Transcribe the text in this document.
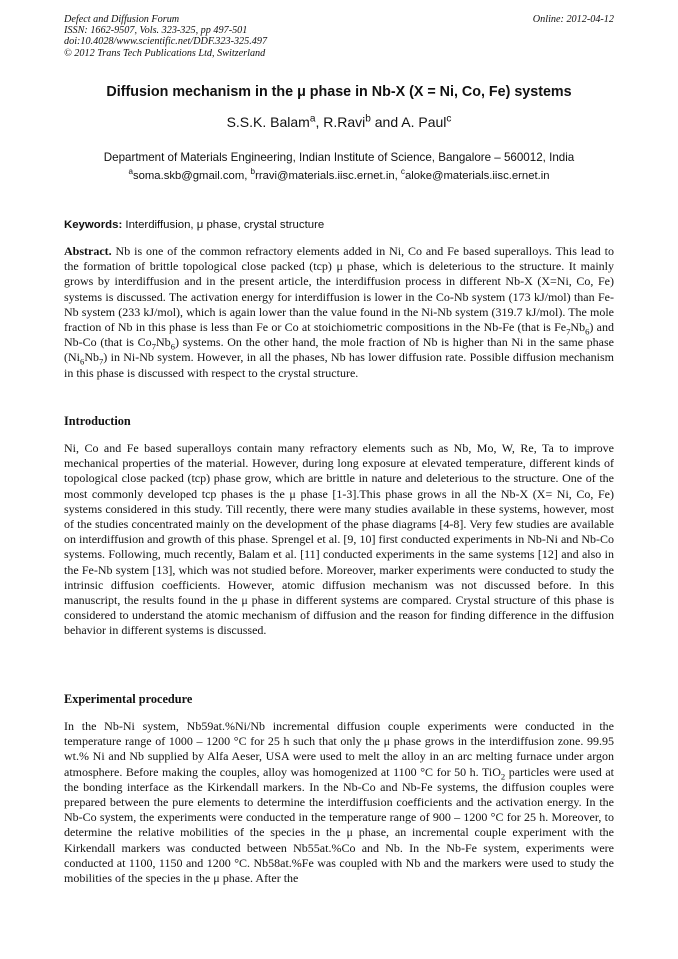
Defect and Diffusion Forum
ISSN: 1662-9507, Vols. 323-325, pp 497-501
doi:10.4028/www.scientific.net/DDF.323-325.497
© 2012 Trans Tech Publications Ltd, Switzerland
Online: 2012-04-12
Diffusion mechanism in the μ phase in Nb-X (X = Ni, Co, Fe) systems
S.S.K. Balam$^a$, R.Ravi$^b$ and A. Paul$^c$
Department of Materials Engineering, Indian Institute of Science, Bangalore – 560012, India
$^a$soma.skb@gmail.com, $^b$rravi@materials.iisc.ernet.in, $^c$aloke@materials.iisc.ernet.in
Keywords: Interdiffusion, μ phase, crystal structure

Abstract. Nb is one of the common refractory elements added in Ni, Co and Fe based superalloys. This lead to the formation of brittle topological close packed (tcp) μ phase, which is deleterious to the structure. It mainly grows by interdiffusion and in the present article, the interdiffusion process in different Nb-X (X=Ni, Co, Fe) systems is discussed. The activation energy for interdiffusion is lower in the Co-Nb system (173 kJ/mol) than Fe-Nb system (233 kJ/mol), which is again lower than the value found in the Ni-Nb system (319.7 kJ/mol). The mole fraction of Nb in this phase is less than Fe or Co at stoichiometric compositions in the Nb-Fe (that is $Fe_7Nb_6$) and Nb-Co (that is $Co_7Nb_6$) systems. On the other hand, the mole fraction of Nb is higher than Ni in the same phase $(Ni_6Nb_7)$ in Ni-Nb system. However, in all the phases, Nb has lower diffusion rate. Possible diffusion mechanism in this phase is discussed with respect to the crystal structure.

Introduction

Ni, Co and Fe based superalloys contain many refractory elements such as Nb, Mo, W, Re, Ta to improve mechanical properties of the material. However, during long exposure at elevated temperature, different kinds of topological close packed (tcp) phase grow, which are brittle in nature and deleterious to the structure. One of the most commonly developed tcp phases is the μ phase [1-3].This phase grows in all the Nb-X (X= Ni, Co, Fe) systems considered in this study. Till recently, there were many studies available in these systems, however, most of the studies concentrated mainly on the development of the phase diagrams [4-8]. Very few studies are available on interdiffusion and growth of this phase. Sprengel et al. [9, 10] first conducted experiments in Nb-Ni and Nb-Co systems. Following, much recently, Balam et al. [11] conducted experiments in the same systems [12] and also in the Fe-Nb system [13], which was not studied before. Moreover, marker experiments were conducted to study the intrinsic diffusion coefficients. However, atomic diffusion mechanism was not discussed before. In this manuscript, the results found in the μ phase in different systems are compared. Crystal structure of this phase is considered to understand the atomic mechanism of diffusion and the reason for finding difference in the diffusion behavior in different systems is discussed.

Experimental procedure

In the Nb-Ni system, Nb59at.%Ni/Nb incremental diffusion couple experiments were conducted in the temperature range of 1000 – 1200 °C for 25 h such that only the μ phase grows in the interdiffusion zone. 99.95 wt.% Ni and Nb supplied by Alfa Aeser, USA were used to melt the alloy in an arc melting furnace under argon atmosphere. Before making the couples, alloy was homogenized at 1100 °C for 50 h. TiO$_2$ particles were used at the bonding interface as the Kirkendall markers. In the Nb-Co and Nb-Fe systems, the diffusion couples were prepared between the pure elements to determine the interdiffusion coefficients and the activation energy. In the Nb-Co system, the experiments were conducted in the temperature range of 900 – 1200 °C for 25 h. Moreover, to determine the relative mobilities of the species in the μ phase, an incremental couple experiment with the Kirkendall markers was conducted between Nb55at.%Co and Nb. In the Nb-Fe system, experiments were conducted at 1100, 1150 and 1200 °C. Nb58at.%Fe was coupled with Nb and the markers were used to study the mobilities of the species in the μ phase. After the
